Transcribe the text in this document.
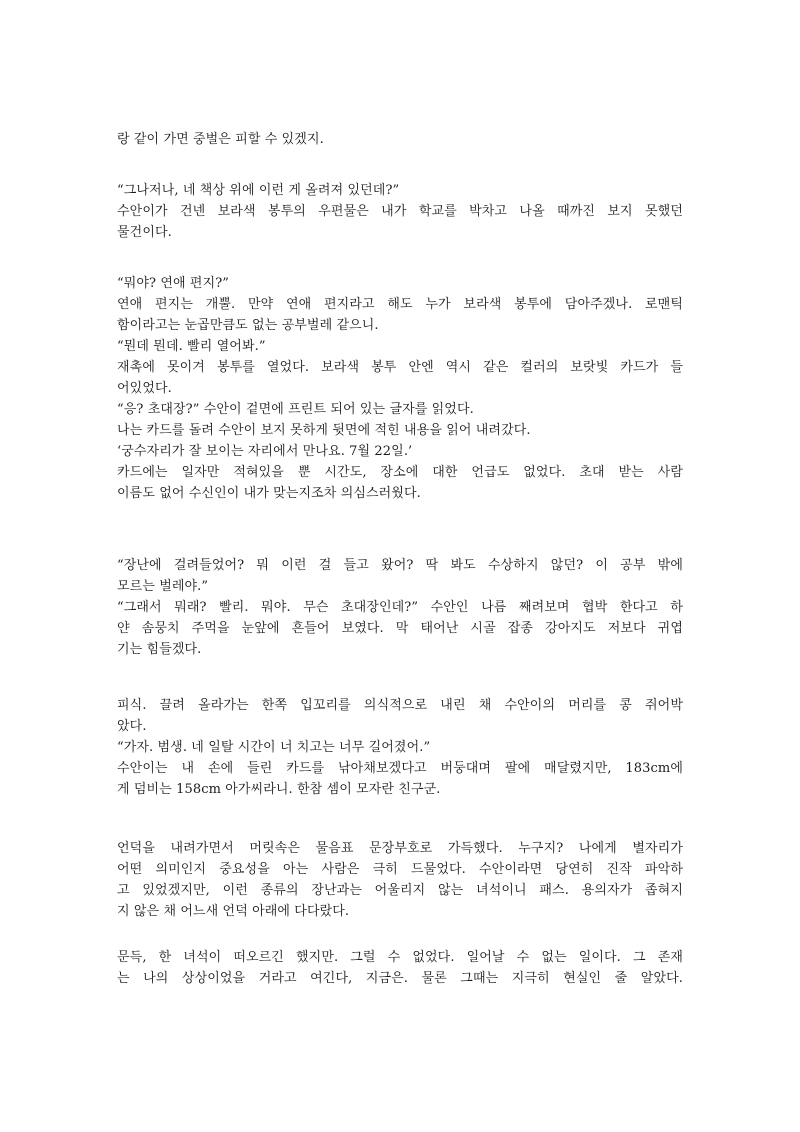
랑 같이 가면 중벌은 피할 수 있겠지.
“그나저나, 네 책상 위에 이런 게 올려져 있던데?”
수안이가 건넨 보라색 봉투의 우편물은 내가 학교를 박차고 나올 때까진 보지 못했던
물건이다.
“뭐야? 연애 편지?”
연애 편지는 개뿔. 만약 연애 편지라고 해도 누가 보라색 봉투에 담아주겠나. 로맨틱
함이라고는 눈곱만큼도 없는 공부벌레 같으니.
“뭔데 뭔데. 빨리 열어봐.”
재촉에 못이겨 봉투를 열었다. 보라색 봉투 안엔 역시 같은 컬러의 보랏빛 카드가 들
어있었다.
“응? 초대장?” 수안이 겉면에 프린트 되어 있는 글자를 읽었다.
나는 카드를 돌려 수안이 보지 못하게 뒷면에 적힌 내용을 읽어 내려갔다.
‘궁수자리가 잘 보이는 자리에서 만나요. 7월 22일.’
카드에는 일자만 적혀있을 뿐 시간도, 장소에 대한 언급도 없었다. 초대 받는 사람
이름도 없어 수신인이 내가 맞는지조차 의심스러웠다.
“장난에 걸려들었어? 뭐 이런 걸 들고 왔어? 딱 봐도 수상하지 않던? 이 공부 밖에
모르는 벌레야.”
“그래서 뭐래? 빨리. 뭐야. 무슨 초대장인데?” 수안인 나름 째려보며 협박 한다고 하
얀 솜뭉치 주먹을 눈앞에 흔들어 보였다. 막 태어난 시골 잡종 강아지도 저보다 귀엽
기는 힘들겠다.
피식. 끌려 올라가는 한쪽 입꼬리를 의식적으로 내린 채 수안이의 머리를 콩 쥐어박
았다.
“가자. 범생. 네 일탈 시간이 너 치고는 너무 길어졌어.”
수안이는 내 손에 들린 카드를 낚아채보겠다고 버둥대며 팔에 매달렸지만, 183cm에
게 덤비는 158cm 아가씨라니. 한참 셈이 모자란 친구군.
언덕을 내려가면서 머릿속은 물음표 문장부호로 가득했다. 누구지? 나에게 별자리가
어떤 의미인지 중요성을 아는 사람은 극히 드물었다. 수안이라면 당연히 진작 파악하
고 있었겠지만, 이런 종류의 장난과는 어울리지 않는 녀석이니 패스. 용의자가 좁혀지
지 않은 채 어느새 언덕 아래에 다다랐다.
문득, 한 녀석이 떠오르긴 했지만. 그럴 수 없었다. 일어날 수 없는 일이다. 그 존재
는 나의 상상이었을 거라고 여긴다, 지금은. 물론 그때는 지극히 현실인 줄 알았다.
